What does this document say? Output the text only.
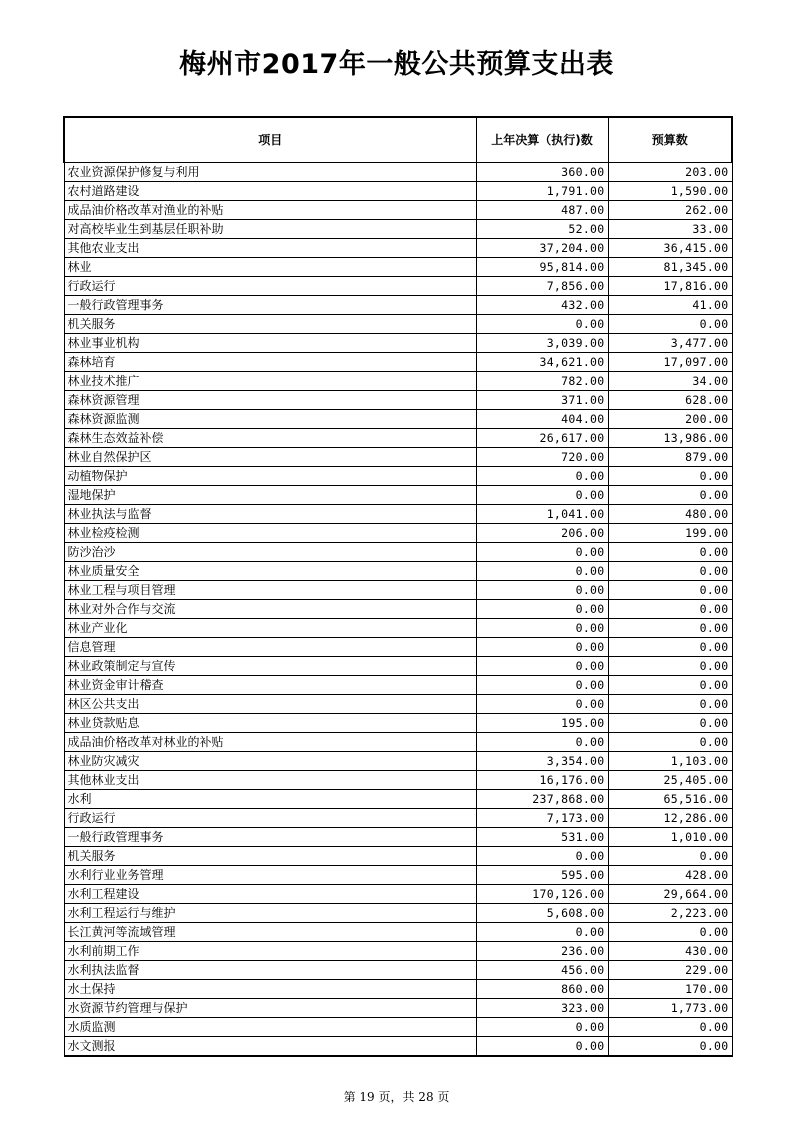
梅州市2017年一般公共预算支出表
项目	上年决算（执行)数	预算数
农业资源保护修复与利用	360.00	203.00
农村道路建设	1,791.00	1,590.00
成品油价格改革对渔业的补贴	487.00	262.00
对高校毕业生到基层任职补助	52.00	33.00
其他农业支出	37,204.00	36,415.00
林业	95,814.00	81,345.00
行政运行	7,856.00	17,816.00
一般行政管理事务	432.00	41.00
机关服务	0.00	0.00
林业事业机构	3,039.00	3,477.00
森林培育	34,621.00	17,097.00
林业技术推广	782.00	34.00
森林资源管理	371.00	628.00
森林资源监测	404.00	200.00
森林生态效益补偿	26,617.00	13,986.00
林业自然保护区	720.00	879.00
动植物保护	0.00	0.00
湿地保护	0.00	0.00
林业执法与监督	1,041.00	480.00
林业检疫检测	206.00	199.00
防沙治沙	0.00	0.00
林业质量安全	0.00	0.00
林业工程与项目管理	0.00	0.00
林业对外合作与交流	0.00	0.00
林业产业化	0.00	0.00
信息管理	0.00	0.00
林业政策制定与宣传	0.00	0.00
林业资金审计稽查	0.00	0.00
林区公共支出	0.00	0.00
林业贷款贴息	195.00	0.00
成品油价格改革对林业的补贴	0.00	0.00
林业防灾减灾	3,354.00	1,103.00
其他林业支出	16,176.00	25,405.00
水利	237,868.00	65,516.00
行政运行	7,173.00	12,286.00
一般行政管理事务	531.00	1,010.00
机关服务	0.00	0.00
水利行业业务管理	595.00	428.00
水利工程建设	170,126.00	29,664.00
水利工程运行与维护	5,608.00	2,223.00
长江黄河等流域管理	0.00	0.00
水利前期工作	236.00	430.00
水利执法监督	456.00	229.00
水土保持	860.00	170.00
水资源节约管理与保护	323.00	1,773.00
水质监测	0.00	0.00
水文测报	0.00	0.00
第 19 页，共 28 页
